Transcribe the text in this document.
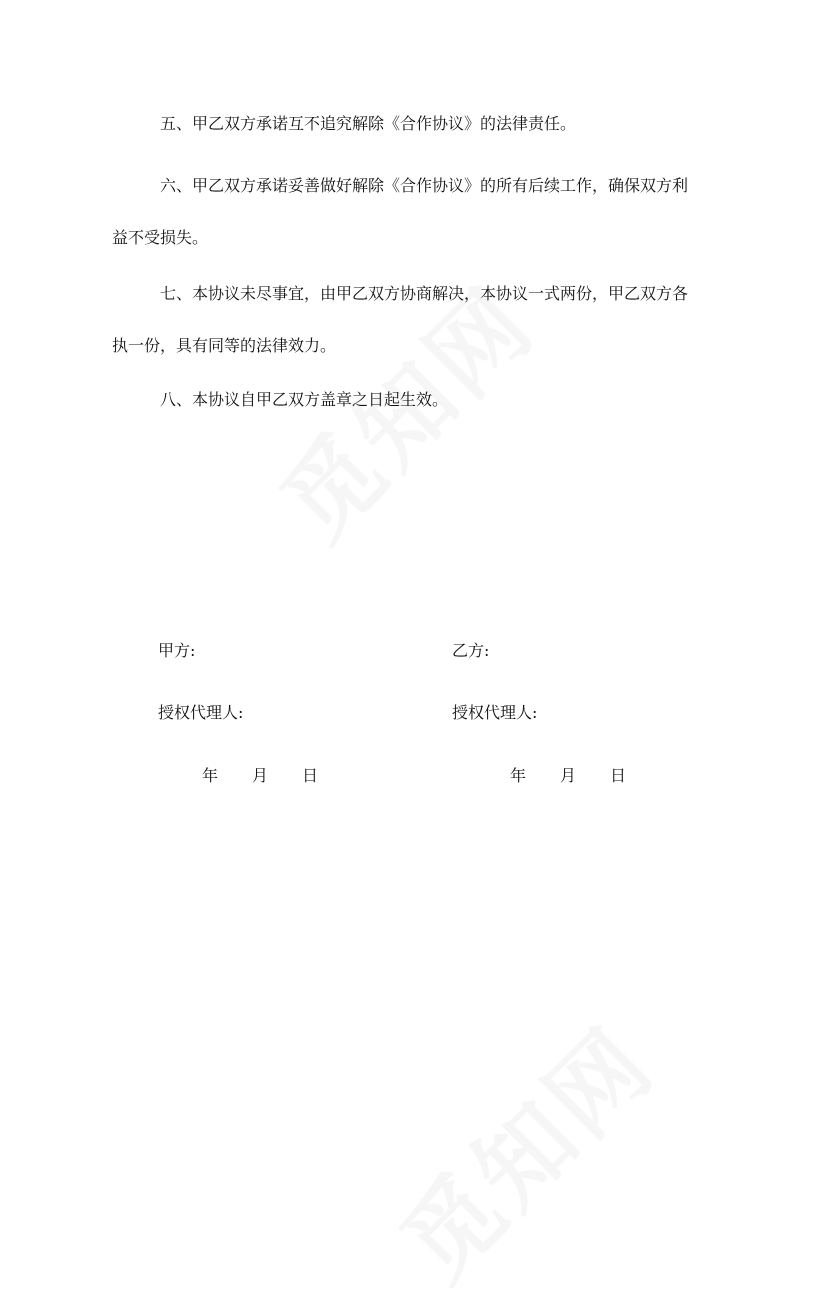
五、甲乙双方承诺互不追究解除《合作协议》的法律责任。

六、甲乙双方承诺妥善做好解除《合作协议》的所有后续工作，确保双方利
益不受损失。

七、本协议未尽事宜，由甲乙双方协商解决，本协议一式两份，甲乙双方各
执一份，具有同等的法律效力。

八、本协议自甲乙双方盖章之日起生效。

甲方:	乙方:
授权代理人:	授权代理人:
年 月 日	年 月 日
